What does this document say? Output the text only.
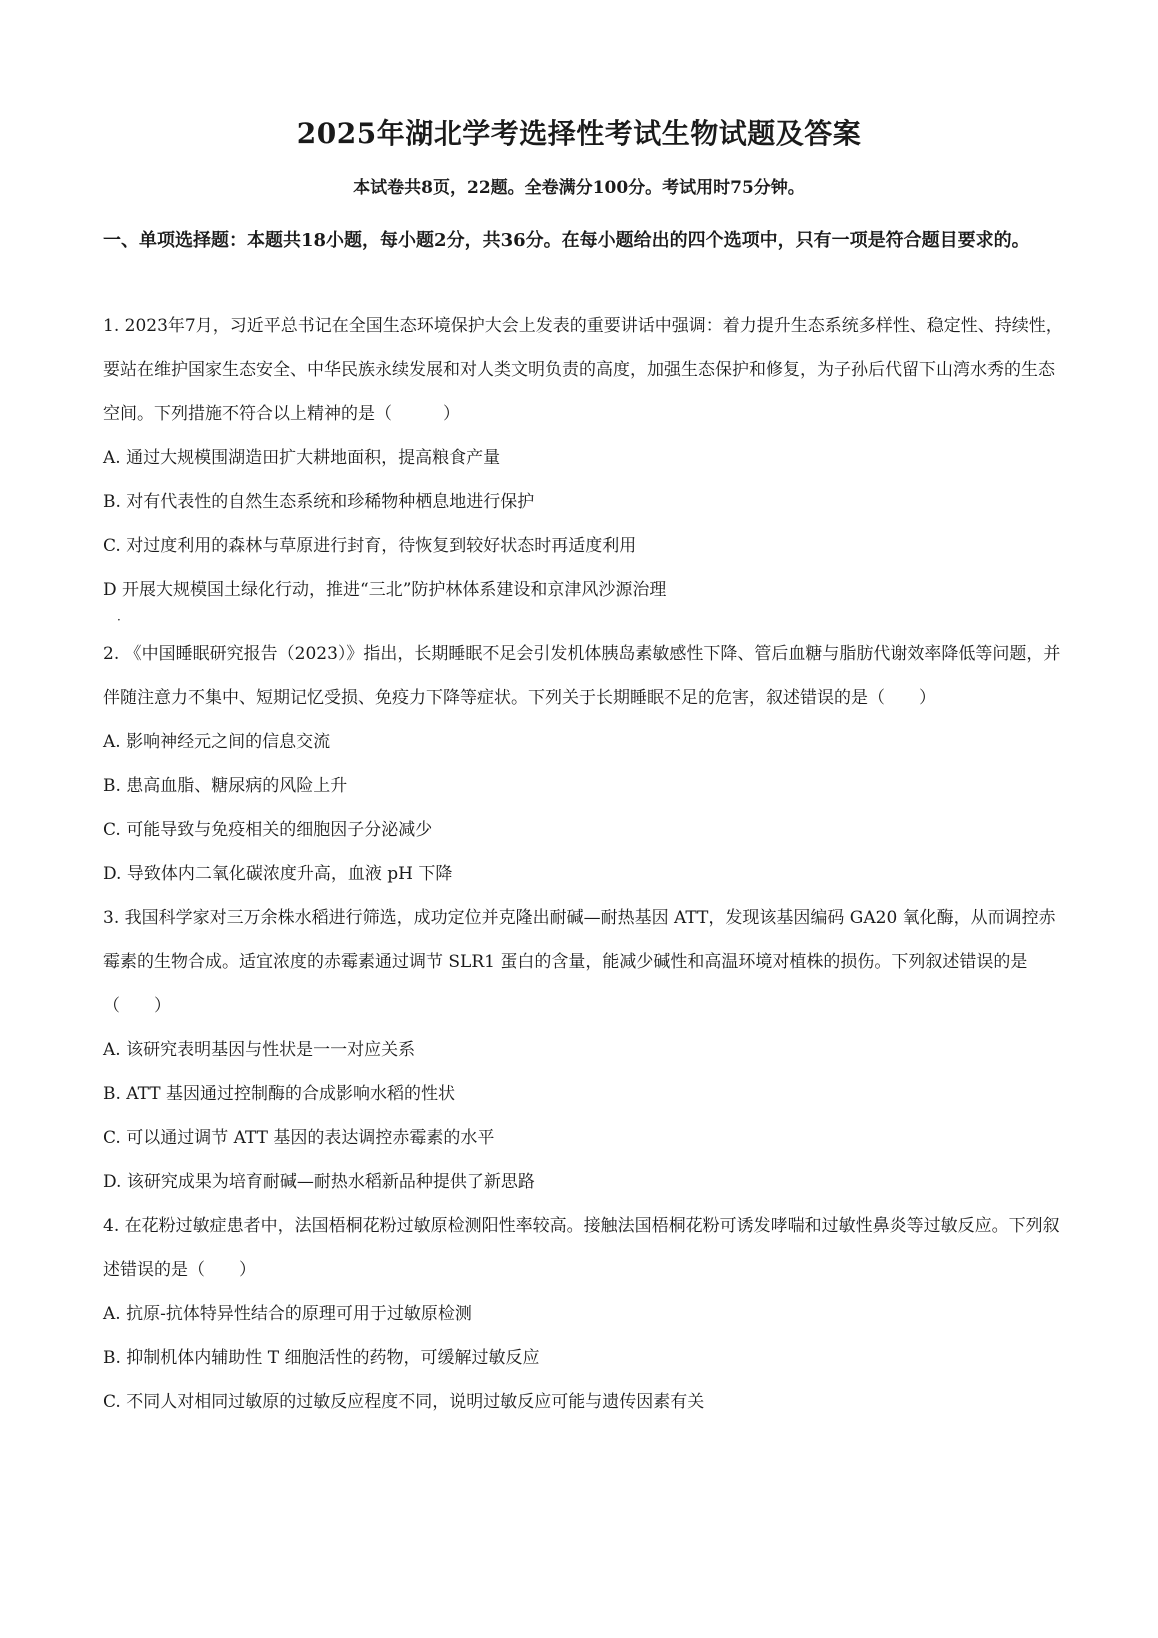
2025年湖北学考选择性考试生物试题及答案
本试卷共8页，22题。全卷满分100分。考试用时75分钟。
一、单项选择题：本题共18小题，每小题2分，共36分。在每小题给出的四个选项中，只有一项是符合题目要求的。

1. 2023年7月，习近平总书记在全国生态环境保护大会上发表的重要讲话中强调：着力提升生态系统多样性、稳定性、持续性，要站在维护国家生态安全、中华民族永续发展和对人类文明负责的高度，加强生态保护和修复，为子孙后代留下山湾水秀的生态空间。下列措施不符合以上精神的是（　　　）

A. 通过大规模围湖造田扩大耕地面积，提高粮食产量

B. 对有代表性的自然生态系统和珍稀物种栖息地进行保护

C. 对过度利用的森林与草原进行封育，待恢复到较好状态时再适度利用

D 开展大规模国土绿化行动，推进“三北”防护林体系建设和京津风沙源治理

2. 《中国睡眠研究报告（2023）》指出，长期睡眠不足会引发机体胰岛素敏感性下降、管后血糖与脂肪代谢效率降低等问题，并伴随注意力不集中、短期记忆受损、免疫力下降等症状。下列关于长期睡眠不足的危害，叙述错误的是（　　）

A. 影响神经元之间的信息交流

B. 患高血脂、糖尿病的风险上升

C. 可能导致与免疫相关的细胞因子分泌减少

D. 导致体内二氧化碳浓度升高，血液 pH 下降

3. 我国科学家对三万余株水稻进行筛选，成功定位并克隆出耐碱—耐热基因 ATT，发现该基因编码 GA20 氧化酶，从而调控赤霉素的生物合成。适宜浓度的赤霉素通过调节 SLR1 蛋白的含量，能减少碱性和高温环境对植株的损伤。下列叙述错误的是（　　）

A. 该研究表明基因与性状是一一对应关系

B. ATT 基因通过控制酶的合成影响水稻的性状

C. 可以通过调节 ATT 基因的表达调控赤霉素的水平

D. 该研究成果为培育耐碱—耐热水稻新品种提供了新思路

4. 在花粉过敏症患者中，法国梧桐花粉过敏原检测阳性率较高。接触法国梧桐花粉可诱发哮喘和过敏性鼻炎等过敏反应。下列叙述错误的是（　　）

A. 抗原-抗体特异性结合的原理可用于过敏原检测

B. 抑制机体内辅助性 T 细胞活性的药物，可缓解过敏反应

C. 不同人对相同过敏原的过敏反应程度不同，说明过敏反应可能与遗传因素有关

·
